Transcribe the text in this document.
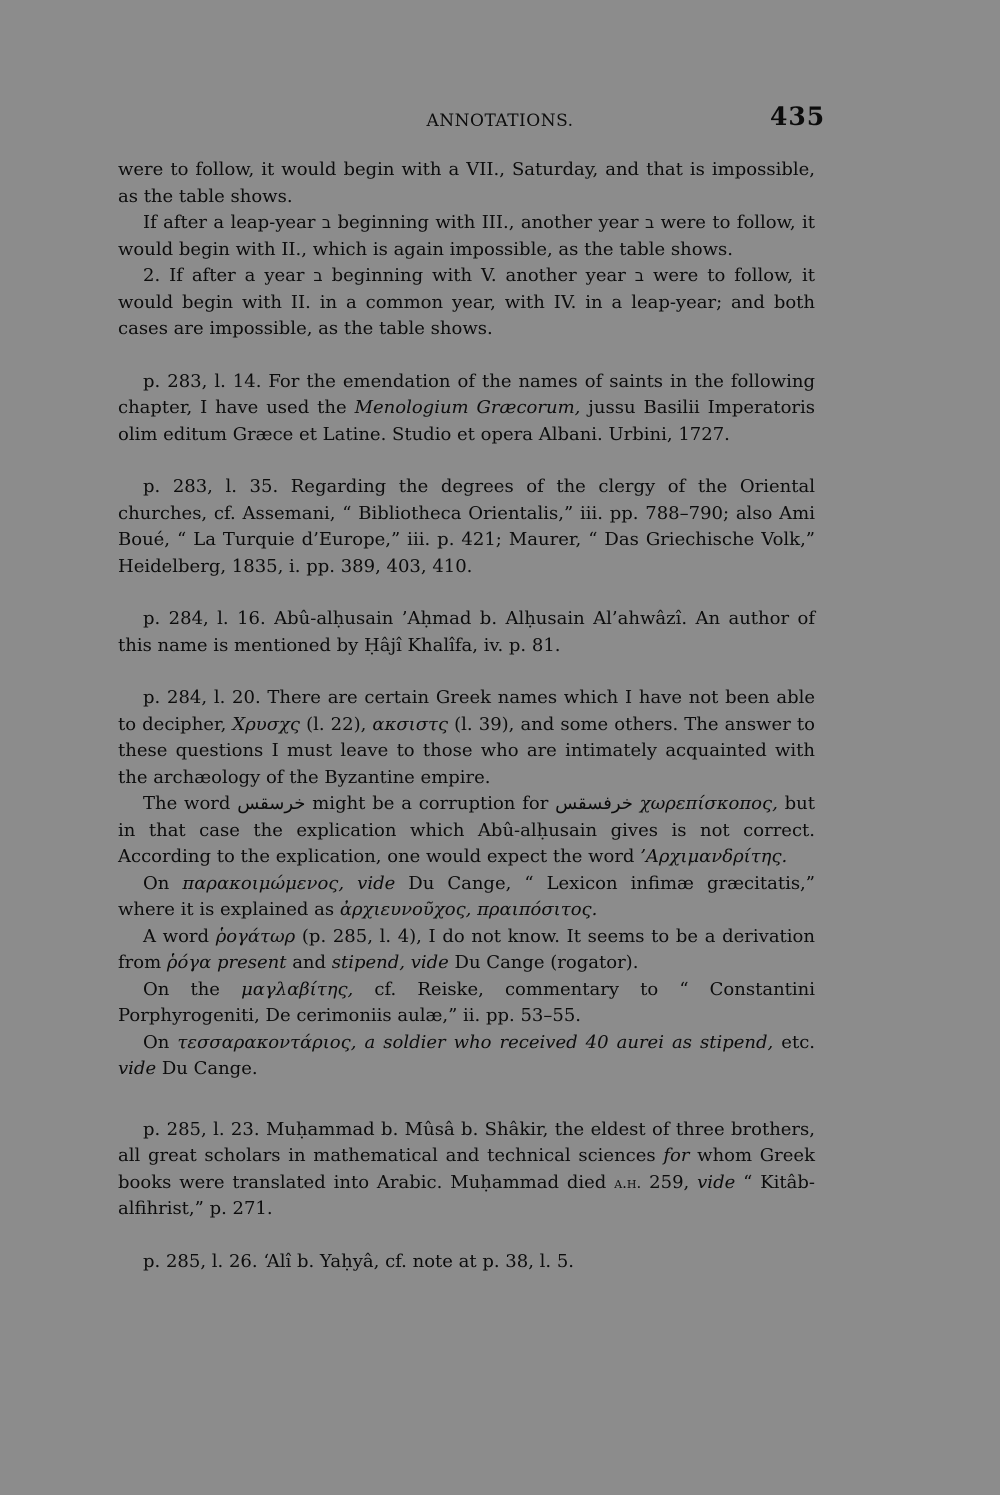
ANNOTATIONS.	435

were to follow, it would begin with a VII., Saturday, and that is impossible, as the table shows.

If after a leap-year ב beginning with III., another year ב were to follow, it would begin with II., which is again impossible, as the table shows.

2. If after a year ב beginning with V. another year ב were to follow, it would begin with II. in a common year, with IV. in a leap-year; and both cases are impossible, as the table shows.

p. 283, l. 14. For the emendation of the names of saints in the following chapter, I have used the Menologium Græcorum, jussu Basilii Imperatoris olim editum Græce et Latine. Studio et opera Albani. Urbini, 1727.

p. 283, l. 35. Regarding the degrees of the clergy of the Oriental churches, cf. Assemani, “ Bibliotheca Orientalis,” iii. pp. 788–790; also Ami Boué, “ La Turquie d’Europe,” iii. p. 421; Maurer, “ Das Griechische Volk,” Heidelberg, 1835, i. pp. 389, 403, 410.

p. 284, l. 16. Abû-alḥusain ’Aḥmad b. Alḥusain Al’ahwâzî. An author of this name is mentioned by Ḥâjî Khalîfa, iv. p. 81.

p. 284, l. 20. There are certain Greek names which I have not been able to decipher, Χρυσχς (l. 22), ακσιστς (l. 39), and some others. The answer to these questions I must leave to those who are intimately acquainted with the archæology of the Byzantine empire.

The word خرسقس might be a corruption for خرفسقس χωρεπίσκοπος, but in that case the explication which Abû-alḥusain gives is not correct. According to the explication, one would expect the word ’Αρχιμανδρίτης.

On παρακοιμώμενος, vide Du Cange, “ Lexicon infimæ græcitatis,” where it is explained as ἀρχιευνοῦχος, πραιπόσιτος.

A word ῥογάτωρ (p. 285, l. 4), I do not know. It seems to be a derivation from ῥόγα present and stipend, vide Du Cange (rogator).

On the μαγλαβίτης, cf. Reiske, commentary to “ Constantini Porphyrogeniti, De cerimoniis aulæ,” ii. pp. 53–55.

On τεσσαρακοντάριος, a soldier who received 40 aurei as stipend, etc. vide Du Cange.

p. 285, l. 23. Muḥammad b. Mûsâ b. Shâkir, the eldest of three brothers, all great scholars in mathematical and technical sciences for whom Greek books were translated into Arabic. Muḥammad died a.h. 259, vide “ Kitâb-alfihrist,” p. 271.

p. 285, l. 26. ‘Alî b. Yaḥyâ, cf. note at p. 38, l. 5.
